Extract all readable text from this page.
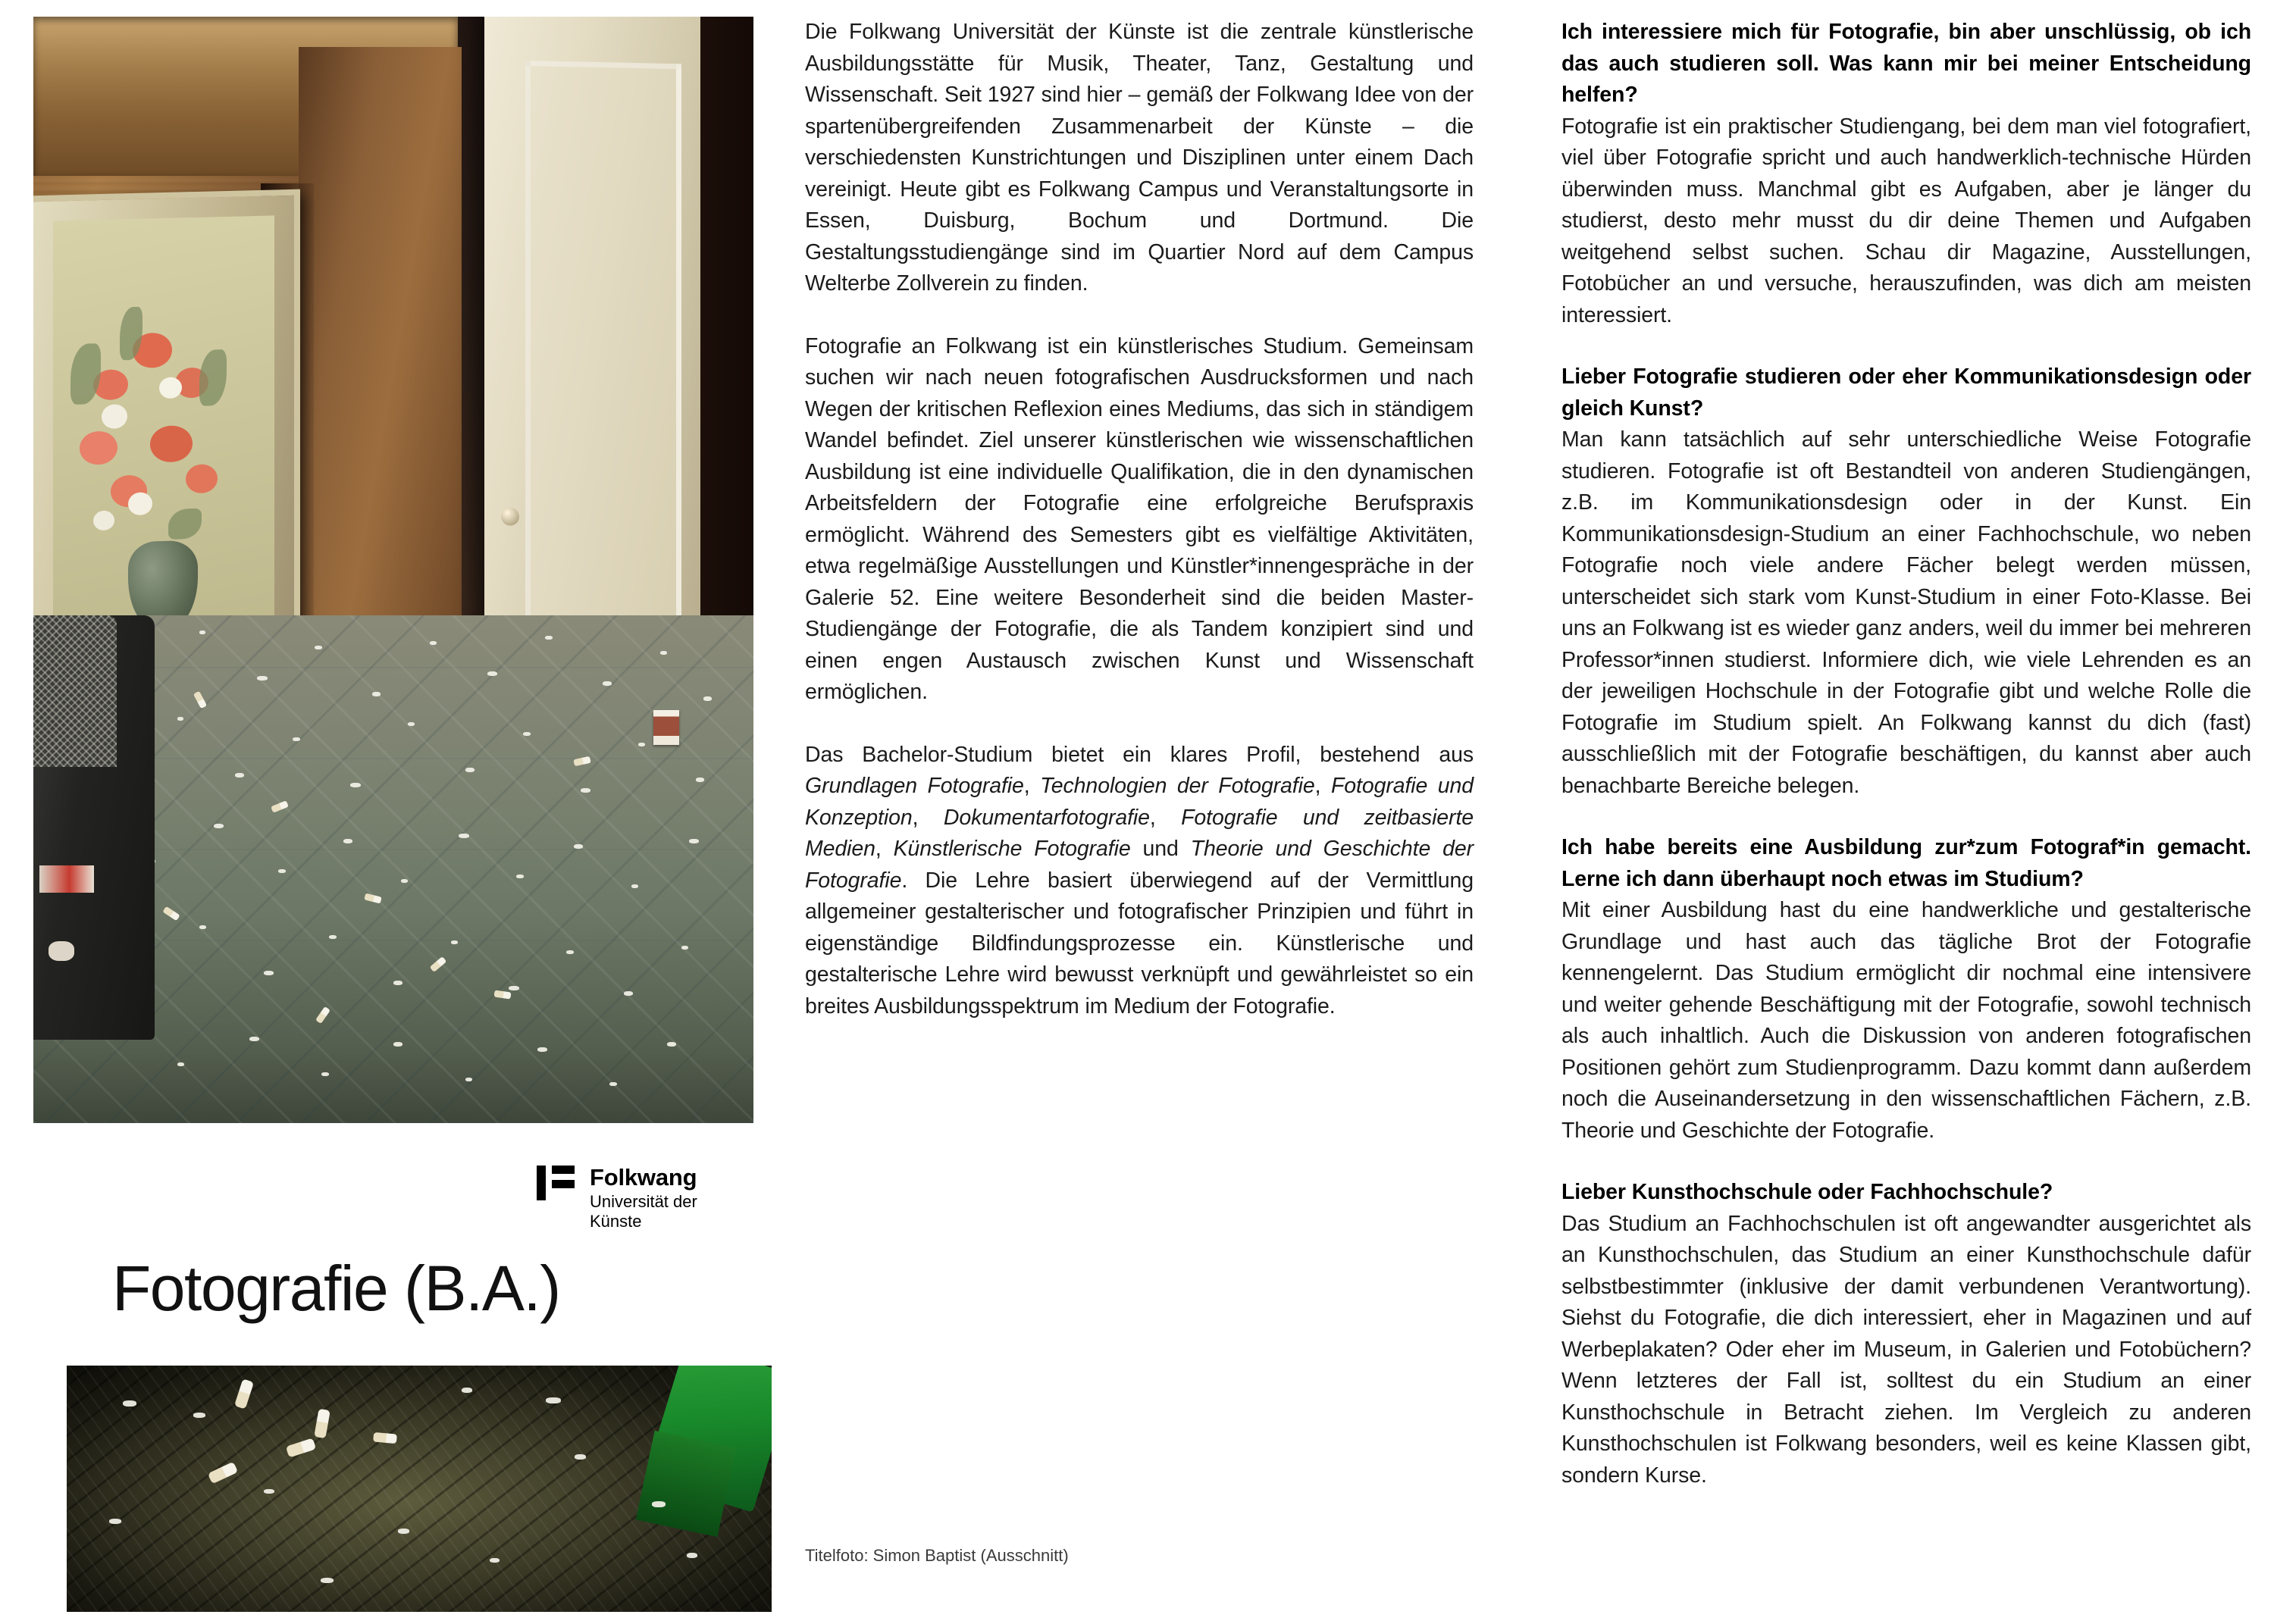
Folkwang
Universität der Künste
Fotografie (B.A.)

Die Folkwang Universität der Künste ist die zentrale künstlerische Ausbildungsstätte für Musik, Theater, Tanz, Gestaltung und Wissenschaft. Seit 1927 sind hier – gemäß der Folkwang Idee von der spartenübergreifenden Zusammenarbeit der Künste – die verschiedensten Kunstrichtungen und Disziplinen unter einem Dach vereinigt. Heute gibt es Folkwang Campus und Veranstaltungsorte in Essen, Duisburg, Bochum und Dortmund. Die Gestaltungsstudiengänge sind im Quartier Nord auf dem Campus Welterbe Zollverein zu finden.

Fotografie an Folkwang ist ein künstlerisches Studium. Gemeinsam suchen wir nach neuen fotografischen Ausdrucksformen und nach Wegen der kritischen Reflexion eines Mediums, das sich in ständigem Wandel befindet. Ziel unserer künstlerischen wie wissenschaftlichen Ausbildung ist eine individuelle Qualifikation, die in den dynamischen Arbeitsfeldern der Fotografie eine erfolgreiche Berufspraxis ermöglicht. Während des Semesters gibt es vielfältige Aktivitäten, etwa regelmäßige Ausstellungen und Künstler*innengespräche in der Galerie 52. Eine weitere Besonderheit sind die beiden Master-Studiengänge der Fotografie, die als Tandem konzipiert sind und einen engen Austausch zwischen Kunst und Wissenschaft ermöglichen.

Das Bachelor-Studium bietet ein klares Profil, bestehend aus Grundlagen Fotografie, Technologien der Fotografie, Fotografie und Konzeption, Dokumentarfotografie, Fotografie und zeitbasierte Medien, Künstlerische Fotografie und Theorie und Geschichte der Fotografie. Die Lehre basiert überwiegend auf der Vermittlung allgemeiner gestalterischer und fotografischer Prinzipien und führt in eigenständige Bildfindungsprozesse ein. Künstlerische und gestalterische Lehre wird bewusst verknüpft und gewährleistet so ein breites Ausbildungsspektrum im Medium der Fotografie.

Titelfoto: Simon Baptist (Ausschnitt)

Ich interessiere mich für Fotografie, bin aber unschlüssig, ob ich das auch studieren soll. Was kann mir bei meiner Entscheidung helfen?

Fotografie ist ein praktischer Studiengang, bei dem man viel fotografiert, viel über Fotografie spricht und auch handwerklich-technische Hürden überwinden muss. Manchmal gibt es Aufgaben, aber je länger du studierst, desto mehr musst du dir deine Themen und Aufgaben weitgehend selbst suchen. Schau dir Magazine, Ausstellungen, Fotobücher an und versuche, herauszufinden, was dich am meisten interessiert.

Lieber Fotografie studieren oder eher Kommunikationsdesign oder gleich Kunst?

Man kann tatsächlich auf sehr unterschiedliche Weise Fotografie studieren. Fotografie ist oft Bestandteil von anderen Studiengängen, z.B. im Kommunikationsdesign oder in der Kunst. Ein Kommunikationsdesign-Studium an einer Fachhochschule, wo neben Fotografie noch viele andere Fächer belegt werden müssen, unterscheidet sich stark vom Kunst-Studium in einer Foto-Klasse. Bei uns an Folkwang ist es wieder ganz anders, weil du immer bei mehreren Professor*innen studierst. Informiere dich, wie viele Lehrenden es an der jeweiligen Hochschule in der Fotografie gibt und welche Rolle die Fotografie im Studium spielt. An Folkwang kannst du dich (fast) ausschließlich mit der Fotografie beschäftigen, du kannst aber auch benachbarte Bereiche belegen.

Ich habe bereits eine Ausbildung zur*zum Fotograf*in gemacht. Lerne ich dann überhaupt noch etwas im Studium?

Mit einer Ausbildung hast du eine handwerkliche und gestalterische Grundlage und hast auch das tägliche Brot der Fotografie kennengelernt. Das Studium ermöglicht dir nochmal eine intensivere und weiter gehende Beschäftigung mit der Fotografie, sowohl technisch als auch inhaltlich. Auch die Diskussion von anderen fotografischen Positionen gehört zum Studienprogramm. Dazu kommt dann außerdem noch die Auseinandersetzung in den wissenschaftlichen Fächern, z.B. Theorie und Geschichte der Fotografie.

Lieber Kunsthochschule oder Fachhochschule?

Das Studium an Fachhochschulen ist oft angewandter ausgerichtet als an Kunsthochschulen, das Studium an einer Kunsthochschule dafür selbstbestimmter (inklusive der damit verbundenen Verantwortung). Siehst du Fotografie, die dich interessiert, eher in Magazinen und auf Werbeplakaten? Oder eher im Museum, in Galerien und Fotobüchern? Wenn letzteres der Fall ist, solltest du ein Studium an einer Kunsthochschule in Betracht ziehen. Im Vergleich zu anderen Kunsthochschulen ist Folkwang besonders, weil es keine Klassen gibt, sondern Kurse.
